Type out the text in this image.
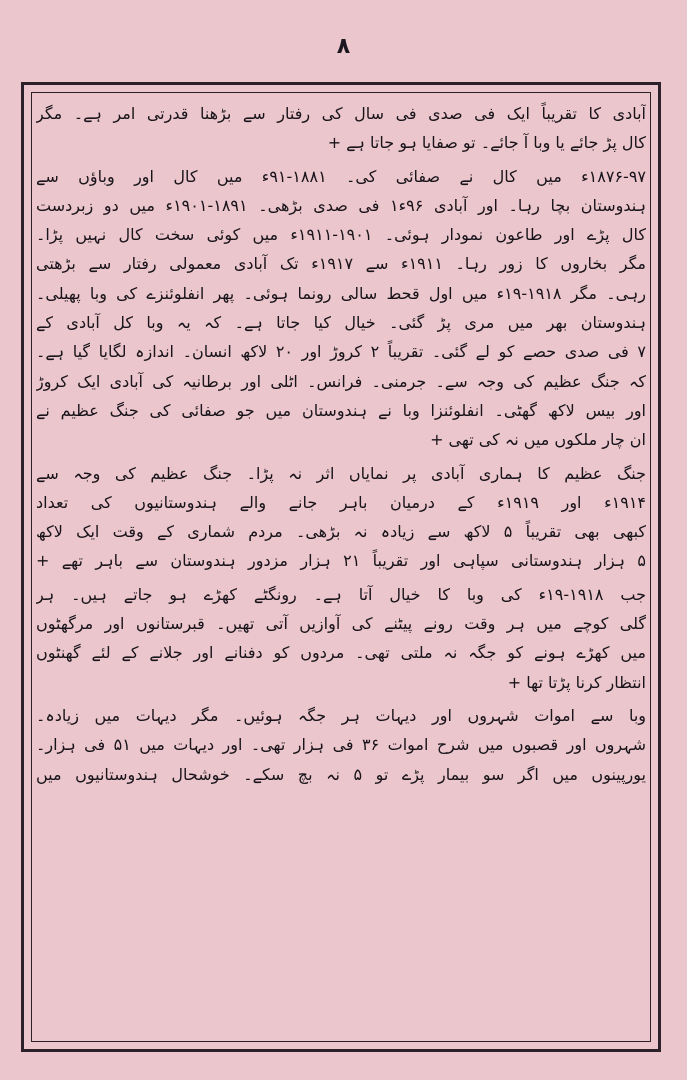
۸
آبادی کا تقریباً ایک فی صدی فی سال کی رفتار سے بڑھنا قدرتی امر ہے۔ مگر
کال پڑ جائے یا وبا آ جائے۔ تو صفایا ہو جاتا ہے +
۱۸۷۶-۹۷ء میں کال نے صفائی کی۔ ۱۸۸۱-۹۱ء میں کال اور وباؤں سے
ہندوستان بچا رہا۔ اور آبادی ۹۶ء۱ فی صدی بڑھی۔ ۱۸۹۱-۱۹۰۱ء میں دو زبردست
کال پڑے اور طاعون نمودار ہوئی۔ ۱۹۰۱-۱۹۱۱ء میں کوئی سخت کال نہیں پڑا۔
مگر بخاروں کا زور رہا۔ ۱۹۱۱ء سے ۱۹۱۷ء تک آبادی معمولی رفتار سے بڑھتی
رہی۔ مگر ۱۹۱۸-۱۹ء میں اول قحط سالی رونما ہوئی۔ پھر انفلوئنزے کی وبا پھیلی۔
ہندوستان بھر میں مری پڑ گئی۔ خیال کیا جاتا ہے۔ کہ یہ وبا کل آبادی کے
۷ فی صدی حصے کو لے گئی۔ تقریباً ۲ کروڑ اور ۲۰ لاکھ انسان۔ اندازہ لگایا گیا ہے۔
کہ جنگ عظیم کی وجہ سے۔ جرمنی۔ فرانس۔ اٹلی اور برطانیہ کی آبادی ایک کروڑ
اور بیس لاکھ گھٹی۔ انفلوئنزا وبا نے ہندوستان میں جو صفائی کی جنگ عظیم نے
ان چار ملکوں میں نہ کی تھی +
جنگ عظیم کا ہماری آبادی پر نمایاں اثر نہ پڑا۔ جنگ عظیم کی وجہ سے
۱۹۱۴ء اور ۱۹۱۹ء کے درمیان باہر جانے والے ہندوستانیوں کی تعداد
کبھی بھی تقریباً ۵ لاکھ سے زیادہ نہ بڑھی۔ مردم شماری کے وقت ایک لاکھ
۵ ہزار ہندوستانی سپاہی اور تقریباً ۲۱ ہزار مزدور ہندوستان سے باہر تھے +
جب ۱۹۱۸-۱۹ء کی وبا کا خیال آتا ہے۔ رونگٹے کھڑے ہو جاتے ہیں۔ ہر
گلی کوچے میں ہر وقت رونے پیٹنے کی آوازیں آتی تھیں۔ قبرستانوں اور مرگھٹوں
میں کھڑے ہونے کو جگہ نہ ملتی تھی۔ مردوں کو دفنانے اور جلانے کے لئے گھنٹوں
انتظار کرنا پڑتا تھا +
وبا سے اموات شہروں اور دیہات ہر جگہ ہوئیں۔ مگر دیہات میں زیادہ۔
شہروں اور قصبوں میں شرح اموات ۳۶ فی ہزار تھی۔ اور دیہات میں ۵۱ فی ہزار۔
یورپینوں میں اگر سو بیمار پڑے تو ۵ نہ بچ سکے۔ خوشحال ہندوستانیوں میں
